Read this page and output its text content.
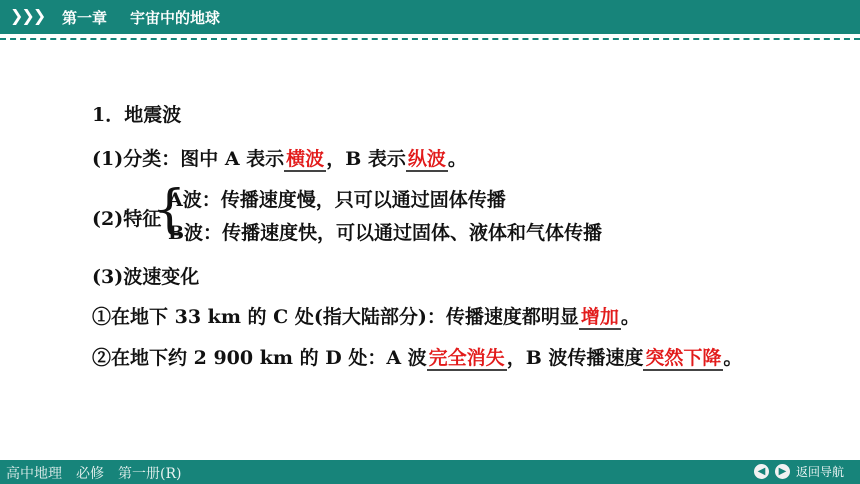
❯❯❯ 第一章 宇宙中的地球
1．地震波
(1)分类：图中 A 表示 横波 ，B 表示 纵波 。
(2)特征
{
A波：传播速度慢，只可以通过固体传播
B波：传播速度快，可以通过固体、液体和气体传播
(3)波速变化
①在地下 33 km 的 C 处(指大陆部分)：传播速度都明显 增加 。
②在地下约 2 900 km 的 D 处：A 波 完全消失 ，B 波传播速度 突然下降 。
高中地理　必修　第一册(R)	◀	▶ 返回导航
